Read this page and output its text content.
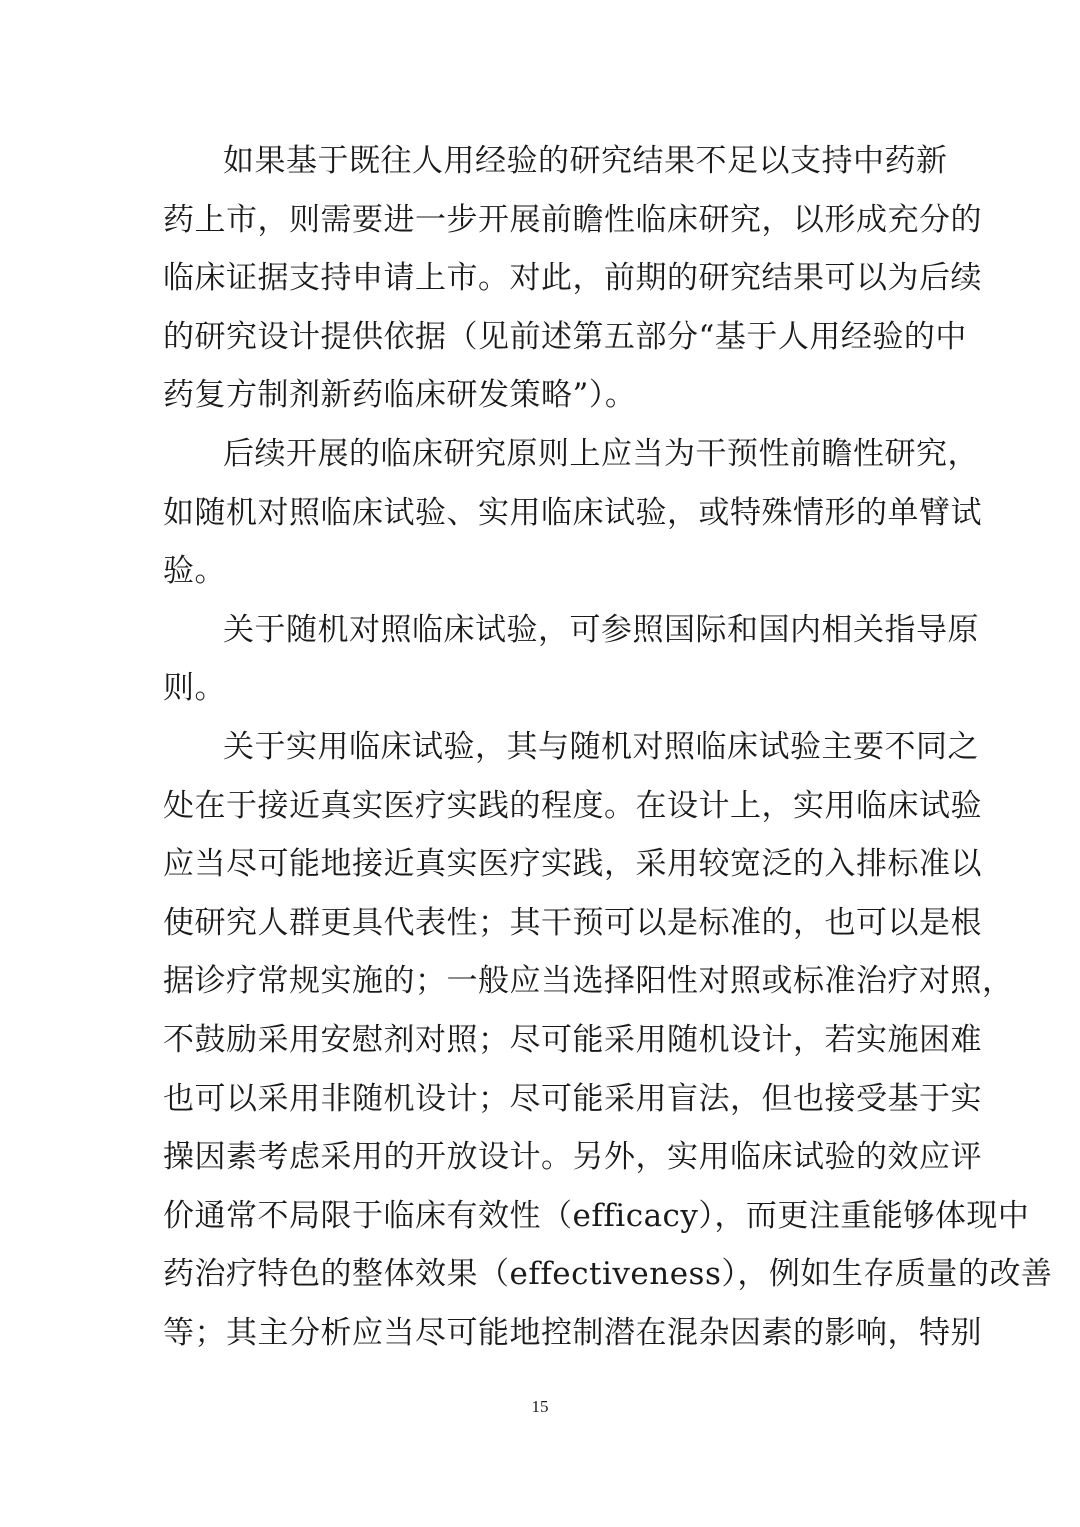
如果基于既往人用经验的研究结果不足以支持中药新
药上市，则需要进一步开展前瞻性临床研究，以形成充分的
临床证据支持申请上市。对此，前期的研究结果可以为后续
的研究设计提供依据（见前述第五部分“基于人用经验的中
药复方制剂新药临床研发策略”）。
后续开展的临床研究原则上应当为干预性前瞻性研究，
如随机对照临床试验、实用临床试验，或特殊情形的单臂试
验。
关于随机对照临床试验，可参照国际和国内相关指导原
则。
关于实用临床试验，其与随机对照临床试验主要不同之
处在于接近真实医疗实践的程度。在设计上，实用临床试验
应当尽可能地接近真实医疗实践，采用较宽泛的入排标准以
使研究人群更具代表性；其干预可以是标准的，也可以是根
据诊疗常规实施的；一般应当选择阳性对照或标准治疗对照，
不鼓励采用安慰剂对照；尽可能采用随机设计，若实施困难
也可以采用非随机设计；尽可能采用盲法，但也接受基于实
操因素考虑采用的开放设计。另外，实用临床试验的效应评
价通常不局限于临床有效性（efficacy），而更注重能够体现中
药治疗特色的整体效果（effectiveness），例如生存质量的改善
等；其主分析应当尽可能地控制潜在混杂因素的影响，特别
15
